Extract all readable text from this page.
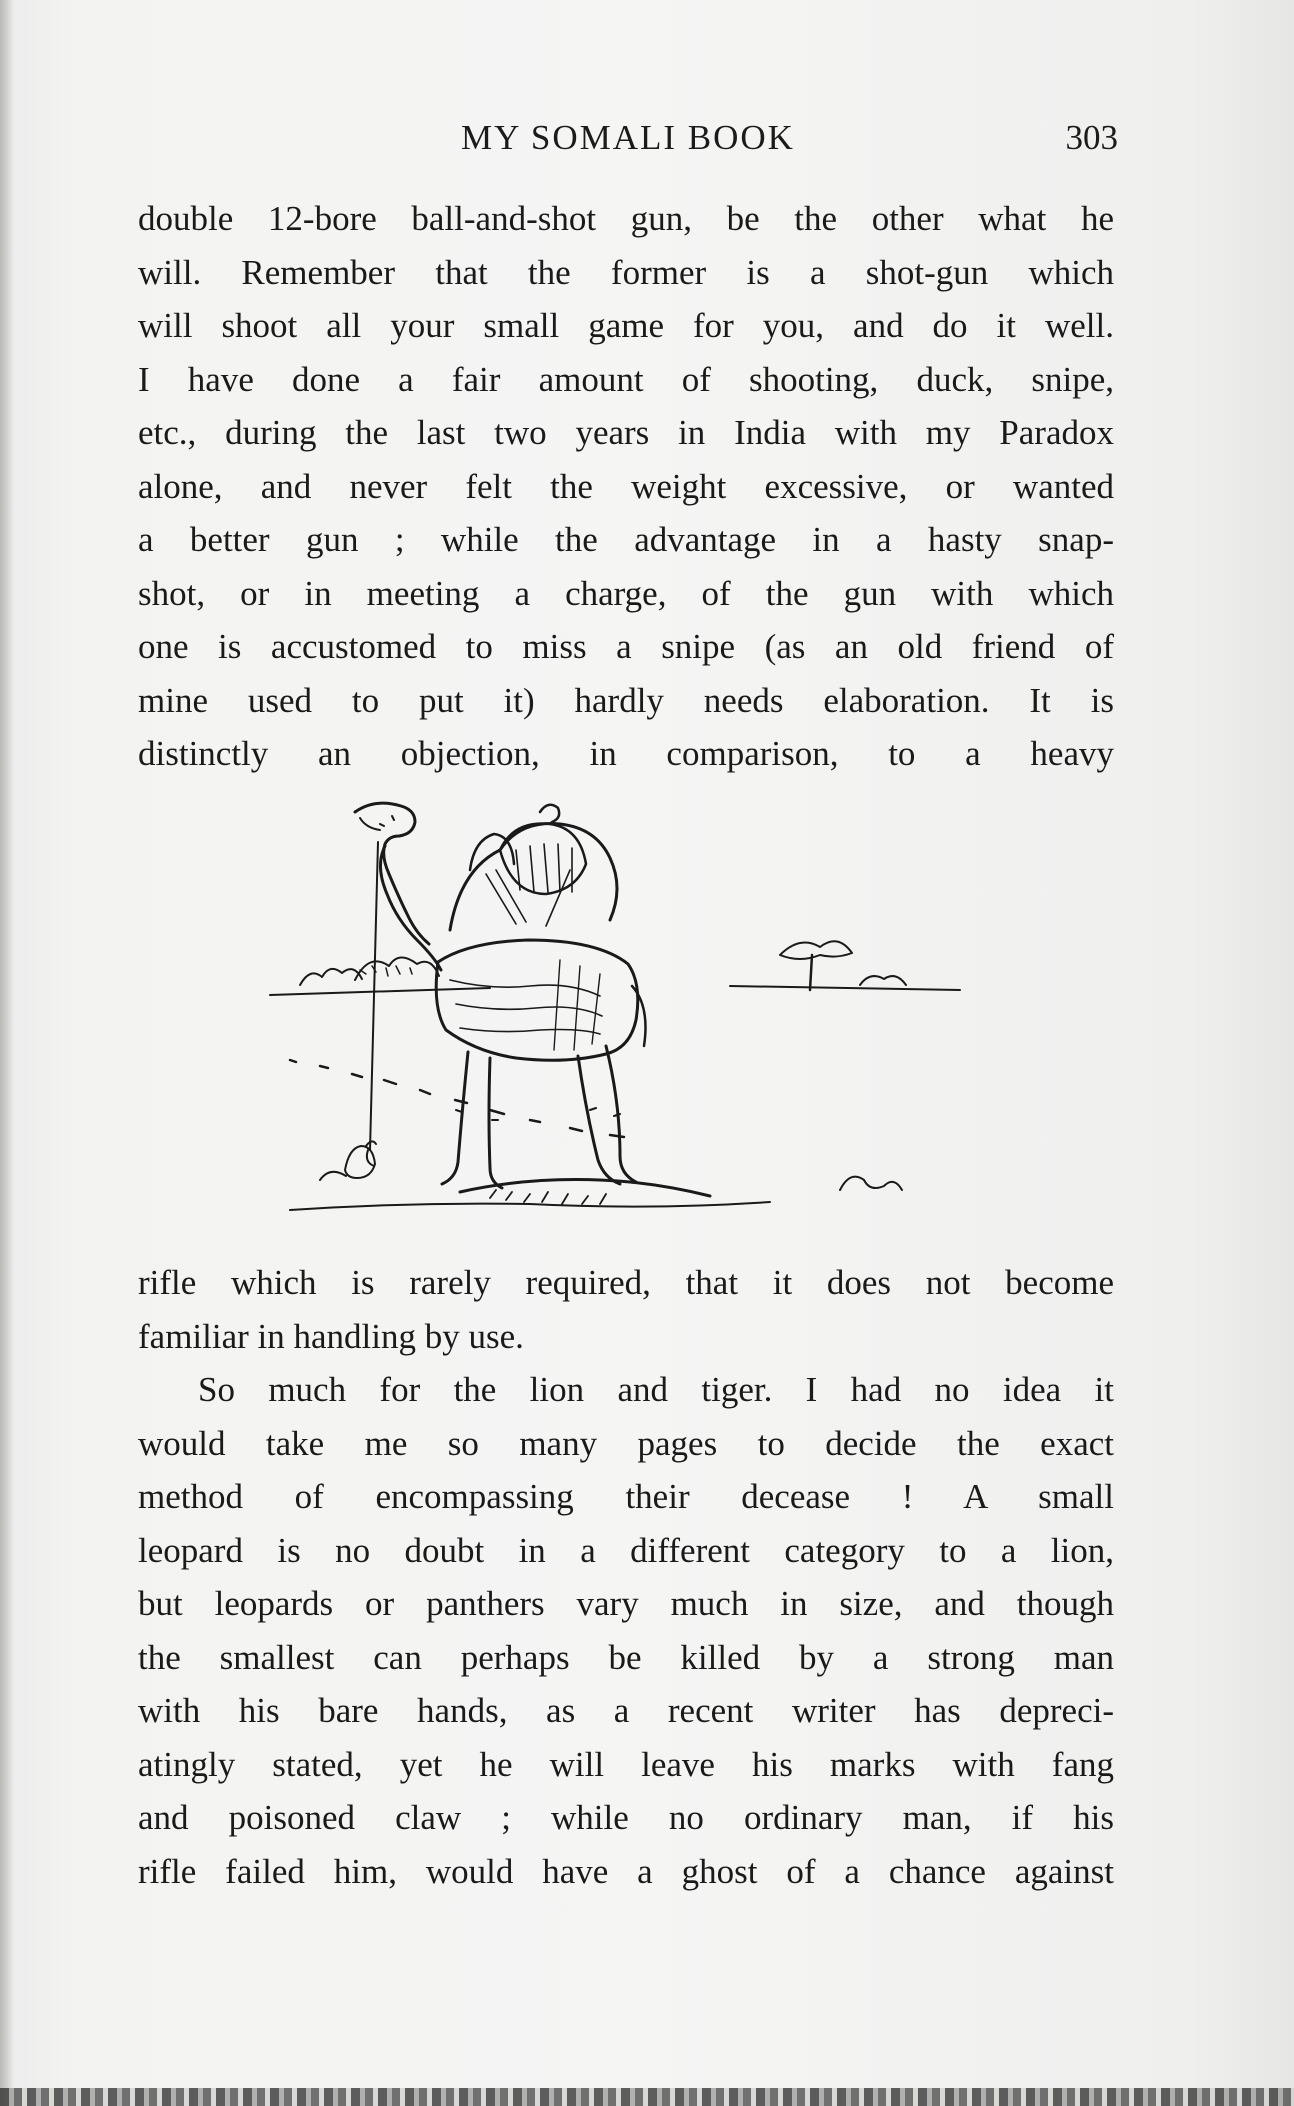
MY SOMALI BOOK	303
double 12-bore ball-and-shot gun, be the other what he
will. Remember that the former is a shot-gun which
will shoot all your small game for you, and do it well.
I have done a fair amount of shooting, duck, snipe,
etc., during the last two years in India with my Paradox
alone, and never felt the weight excessive, or wanted
a better gun ; while the advantage in a hasty snap-
shot, or in meeting a charge, of the gun with which
one is accustomed to miss a snipe (as an old friend of
mine used to put it) hardly needs elaboration. It is
distinctly an objection, in comparison, to a heavy
rifle which is rarely required, that it does not become
familiar in handling by use.
So much for the lion and tiger. I had no idea it
would take me so many pages to decide the exact
method of encompassing their decease ! A small
leopard is no doubt in a different category to a lion,
but leopards or panthers vary much in size, and though
the smallest can perhaps be killed by a strong man
with his bare hands, as a recent writer has depreci-
atingly stated, yet he will leave his marks with fang
and poisoned claw ; while no ordinary man, if his
rifle failed him, would have a ghost of a chance against
